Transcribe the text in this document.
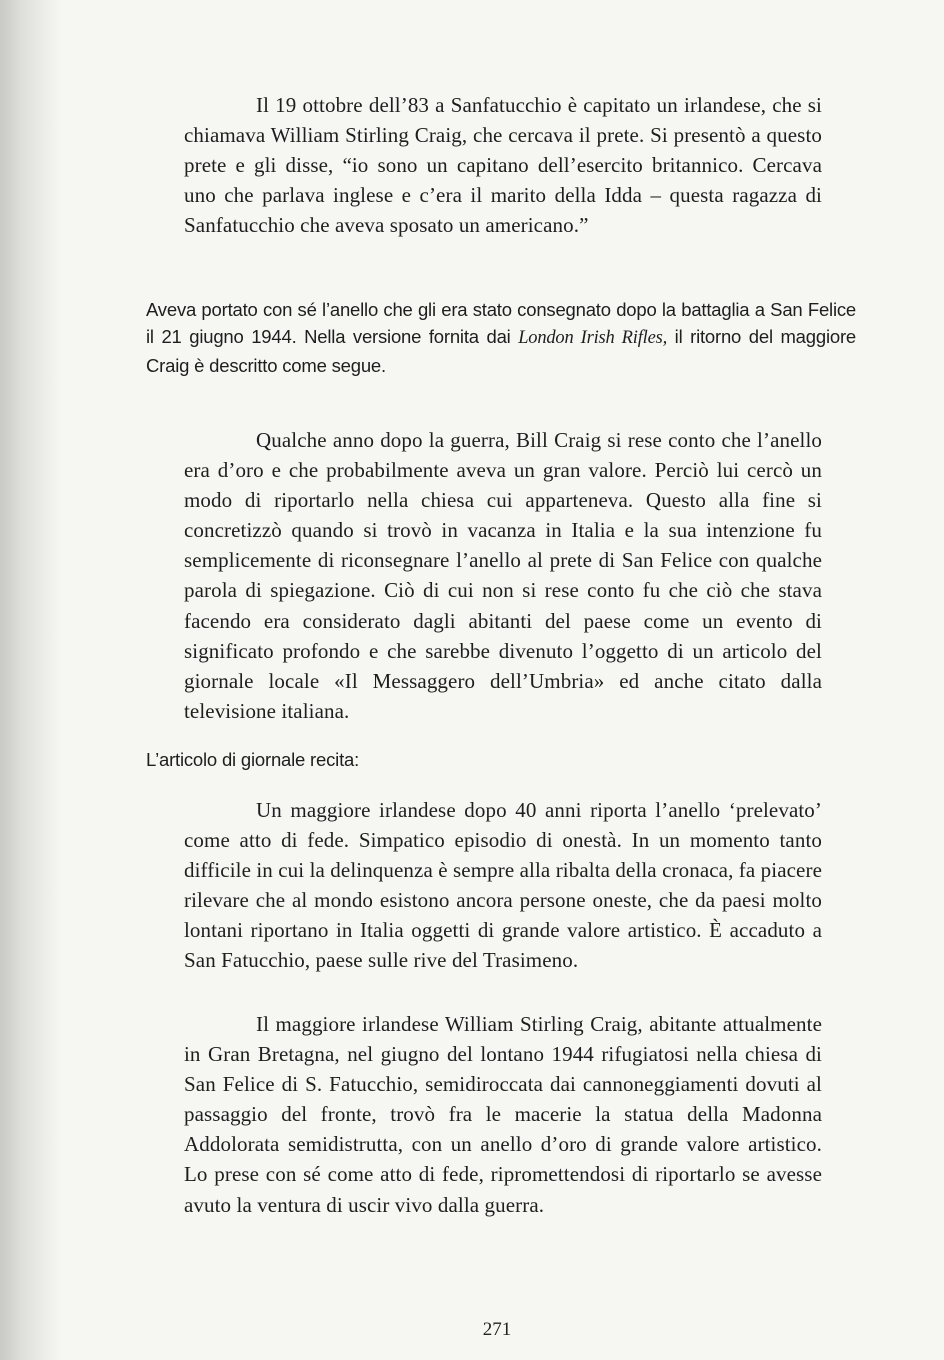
Il 19 ottobre dell’83 a Sanfatucchio è capitato un irlandese, che si chiamava William Stirling Craig, che cercava il prete. Si presentò a questo prete e gli disse, “io sono un capitano dell’esercito britannico. Cercava uno che parlava inglese e c’era il marito della Idda – questa ragazza di Sanfatucchio che aveva sposato un americano.”

Aveva portato con sé l’anello che gli era stato consegnato dopo la battaglia a San Felice il 21 giugno 1944. Nella versione fornita dai London Irish Rifles, il ritorno del maggiore Craig è descritto come segue.

Qualche anno dopo la guerra, Bill Craig si rese conto che l’anello era d’oro e che probabilmente aveva un gran valore. Perciò lui cercò un modo di riportarlo nella chiesa cui apparteneva. Questo alla fine si concretizzò quando si trovò in vacanza in Italia e la sua intenzione fu semplicemente di riconsegnare l’anello al prete di San Felice con qualche parola di spiegazione. Ciò di cui non si rese conto fu che ciò che stava facendo era considerato dagli abitanti del paese come un evento di significato profondo e che sarebbe divenuto l’oggetto di un articolo del giornale locale «Il Messaggero dell’Umbria» ed anche citato dalla televisione italiana.

L’articolo di giornale recita:

Un maggiore irlandese dopo 40 anni riporta l’anello ‘prelevato’ come atto di fede. Simpatico episodio di onestà. In un momento tanto difficile in cui la delinquenza è sempre alla ribalta della cronaca, fa piacere rilevare che al mondo esistono ancora persone oneste, che da paesi molto lontani riportano in Italia oggetti di grande valore artistico. È accaduto a San Fatucchio, paese sulle rive del Trasimeno.

Il maggiore irlandese William Stirling Craig, abitante attualmente in Gran Bretagna, nel giugno del lontano 1944 rifugiatosi nella chiesa di San Felice di S. Fatucchio, semidiroccata dai cannoneggiamenti dovuti al passaggio del fronte, trovò fra le macerie la statua della Madonna Addolorata semidistrutta, con un anello d’oro di grande valore artistico. Lo prese con sé come atto di fede, ripromettendosi di riportarlo se avesse avuto la ventura di uscir vivo dalla guerra.

271
